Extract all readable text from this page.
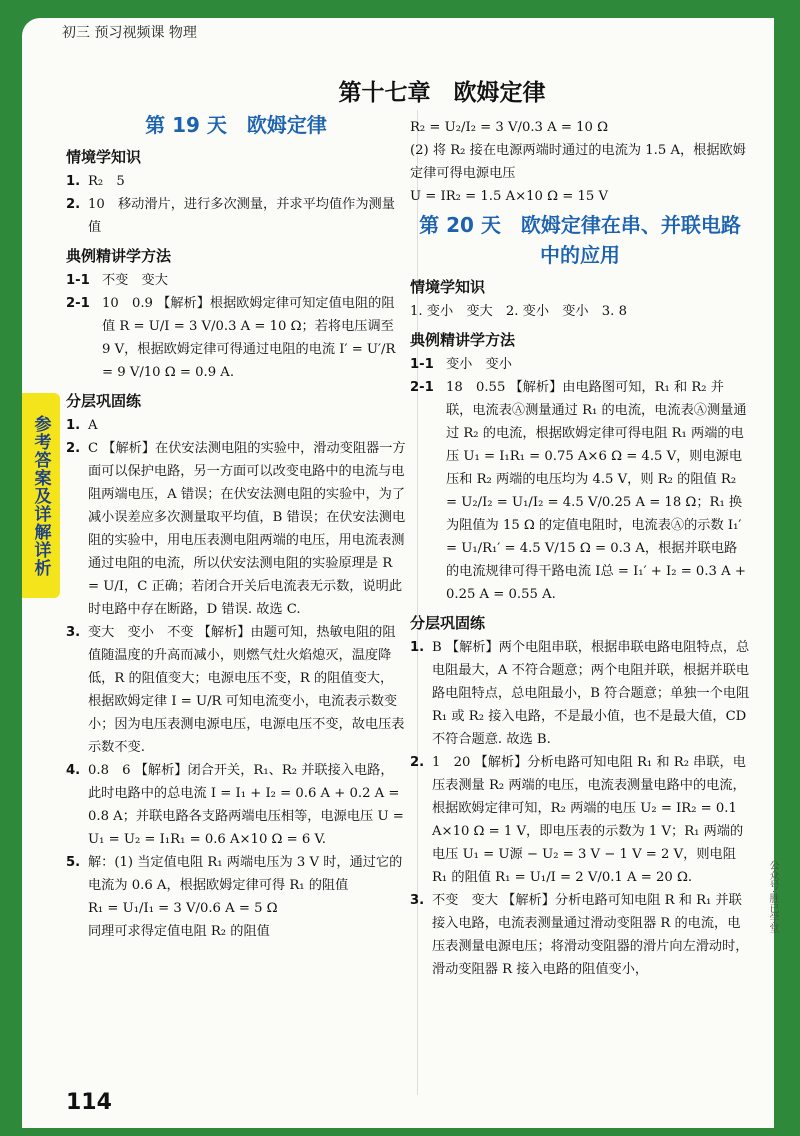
初三 预习视频课 物理
参考答案及详解详析
第十七章　欧姆定律
第 19 天　欧姆定律
情境学知识
1. R₂　5
2. 10　移动滑片，进行多次测量，并求平均值作为测量值
典例精讲学方法
1-1 不变　变大
2-1 10　0.9 【解析】根据欧姆定律可知定值电阻的阻值 R = U/I = 3 V/0.3 A = 10 Ω；若将电压调至 9 V，根据欧姆定律可得通过电阻的电流 I′ = U′/R = 9 V/10 Ω = 0.9 A.
分层巩固练
1. A
2. C 【解析】在伏安法测电阻的实验中，滑动变阻器一方面可以保护电路，另一方面可以改变电路中的电流与电阻两端电压，A 错误；在伏安法测电阻的实验中，为了减小误差应多次测量取平均值，B 错误；在伏安法测电阻的实验中，用电压表测电阻两端的电压，用电流表测通过电阻的电流，所以伏安法测电阻的实验原理是 R = U/I，C 正确；若闭合开关后电流表无示数，说明此时电路中存在断路，D 错误. 故选 C.
3. 变大　变小　不变 【解析】由题可知，热敏电阻的阻值随温度的升高而减小，则燃气灶火焰熄灭，温度降低，R 的阻值变大；电源电压不变，R 的阻值变大，根据欧姆定律 I = U/R 可知电流变小，电流表示数变小；因为电压表测电源电压，电源电压不变，故电压表示数不变.
4. 0.8　6 【解析】闭合开关，R₁、R₂ 并联接入电路，此时电路中的总电流 I = I₁ + I₂ = 0.6 A + 0.2 A = 0.8 A；并联电路各支路两端电压相等，电源电压 U = U₁ = U₂ = I₁R₁ = 0.6 A×10 Ω = 6 V.
5. 解：(1) 当定值电阻 R₁ 两端电压为 3 V 时，通过它的电流为 0.6 A，根据欧姆定律可得 R₁ 的阻值
R₁ = U₁/I₁ = 3 V/0.6 A = 5 Ω
同理可求得定值电阻 R₂ 的阻值
R₂ = U₂/I₂ = 3 V/0.3 A = 10 Ω
(2) 将 R₂ 接在电源两端时通过的电流为 1.5 A，根据欧姆定律可得电源电压
U = IR₂ = 1.5 A×10 Ω = 15 V
第 20 天　欧姆定律在串、并联电路中的应用
情境学知识
1. 变小　变大　2. 变小　变小　3. 8
典例精讲学方法
1-1 变小　变小
2-1 18　0.55 【解析】由电路图可知，R₁ 和 R₂ 并联，电流表Ⓐ测量通过 R₁ 的电流，电流表Ⓐ测量通过 R₂ 的电流，根据欧姆定律可得电阻 R₁ 两端的电压 U₁ = I₁R₁ = 0.75 A×6 Ω = 4.5 V，则电源电压和 R₂ 两端的电压均为 4.5 V，则 R₂ 的阻值 R₂ = U₂/I₂ = U₁/I₂ = 4.5 V/0.25 A = 18 Ω；R₁ 换为阻值为 15 Ω 的定值电阻时，电流表Ⓐ的示数 I₁′ = U₁/R₁′ = 4.5 V/15 Ω = 0.3 A，根据并联电路的电流规律可得干路电流 I总 = I₁′ + I₂ = 0.3 A + 0.25 A = 0.55 A.
分层巩固练
1. B 【解析】两个电阻串联，根据串联电路电阻特点，总电阻最大，A 不符合题意；两个电阻并联，根据并联电路电阻特点，总电阻最小，B 符合题意；单独一个电阻 R₁ 或 R₂ 接入电路，不是最小值，也不是最大值，CD 不符合题意. 故选 B.
2. 1　20 【解析】分析电路可知电阻 R₁ 和 R₂ 串联，电压表测量 R₂ 两端的电压，电流表测量电路中的电流，根据欧姆定律可知，R₂ 两端的电压 U₂ = IR₂ = 0.1 A×10 Ω = 1 V，即电压表的示数为 1 V；R₁ 两端的电压 U₁ = U源 − U₂ = 3 V − 1 V = 2 V，则电阻 R₁ 的阻值 R₁ = U₁/I = 2 V/0.1 A = 20 Ω.
3. 不变　变大 【解析】分析电路可知电阻 R 和 R₁ 并联接入电路，电流表测量通过滑动变阻器 R 的电流，电压表测量电源电压；将滑动变阻器的滑片向左滑动时，滑动变阻器 R 接入电路的阻值变小，
114
公众号·胜已学堂
